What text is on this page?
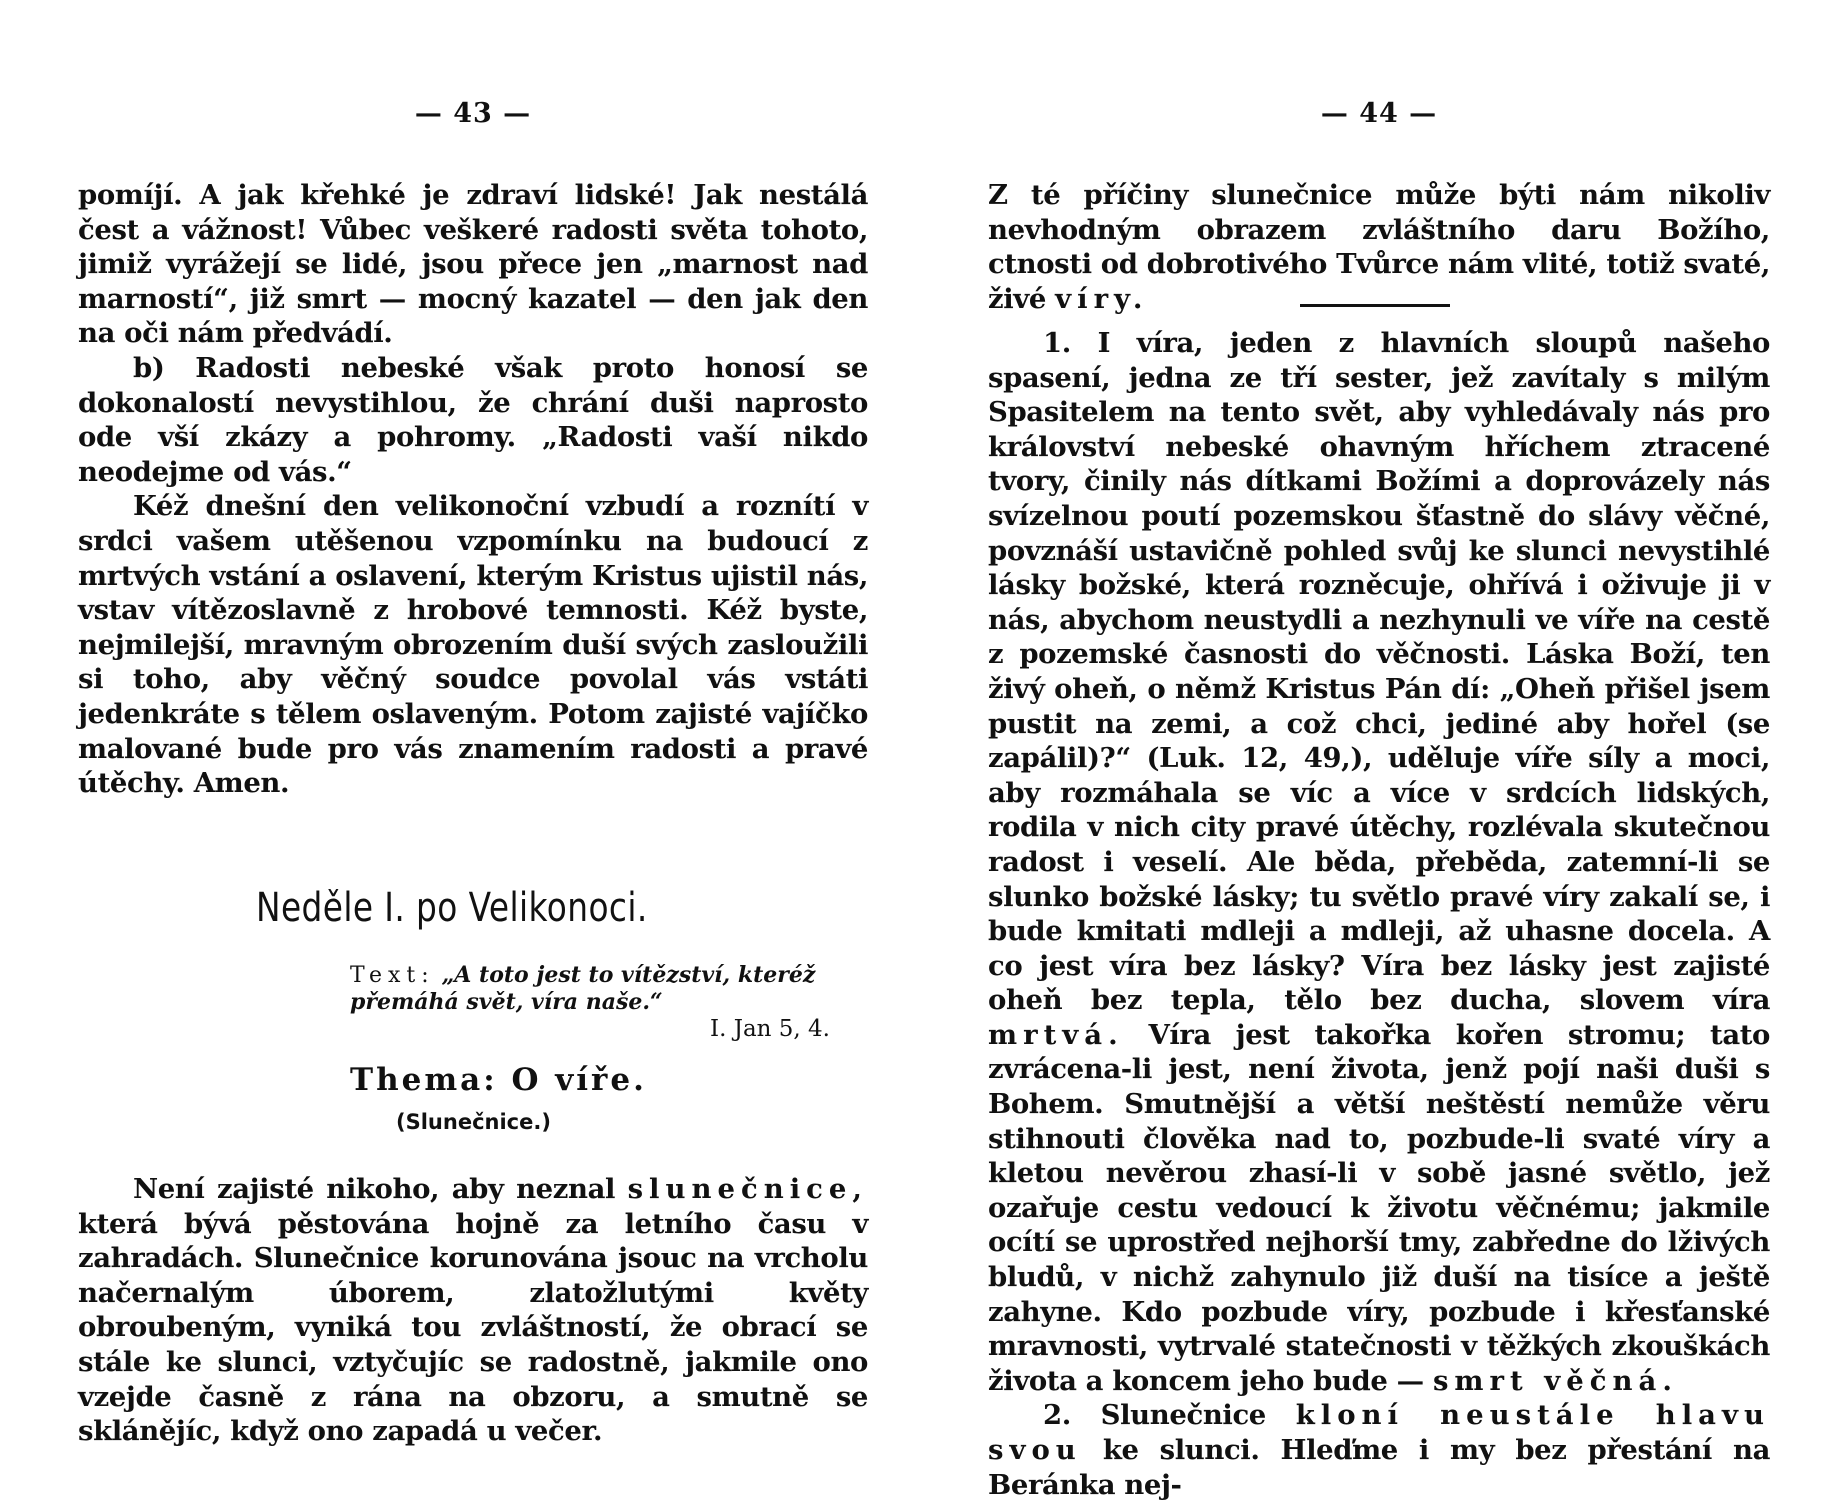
— 43 —

pomíjí. A jak křehké je zdraví lidské! Jak nestálá čest a vážnost! Vůbec veškeré radosti světa tohoto, jimiž vyrážejí se lidé, jsou přece jen „marnost nad marností“, již smrt — mocný kazatel — den jak den na oči nám předvádí.

b) Radosti nebeské však proto honosí se dokonalostí nevystihlou, že chrání duši naprosto ode vší zkázy a pohromy. „Radosti vaší nikdo neodejme od vás.“

Kéž dnešní den velikonoční vzbudí a roznítí v srdci vašem utěšenou vzpomínku na budoucí z mrtvých vstání a oslavení, kterým Kristus ujistil nás, vstav vítězoslavně z hrobové temnosti. Kéž byste, nejmilejší, mravným obrozením duší svých zasloužili si toho, aby věčný soudce povolal vás vstáti jedenkráte s tělem oslaveným. Potom zajisté vajíčko malované bude pro vás znamením radosti a pravé útěchy. Amen.

Neděle I. po Velikonoci.
Text: „A toto jest to vítězství, kteréž přemáhá svět, víra naše.“
I. Jan 5, 4.
Thema: O víře.
(Slunečnice.)

Není zajisté nikoho, aby neznal slunečnice, která bývá pěstována hojně za letního času v zahradách. Slunečnice korunována jsouc na vrcholu načernalým úborem, zlatožlutými květy obroubeným, vyniká tou zvláštností, že obrací se stále ke slunci, vztyčujíc se radostně, jakmile ono vzejde časně z rána na obzoru, a smutně se sklánějíc, když ono zapadá u večer.

— 44 —

Z té příčiny slunečnice může býti nám nikoliv nevhodným obrazem zvláštního daru Božího, ctnosti od dobrotivého Tvůrce nám vlité, totiž svaté, živé víry.

1. I víra, jeden z hlavních sloupů našeho spasení, jedna ze tří sester, jež zavítaly s milým Spasitelem na tento svět, aby vyhledávaly nás pro království nebeské ohavným hříchem ztracené tvory, činily nás dítkami Božími a doprovázely nás svízelnou poutí pozemskou šťastně do slávy věčné, povznáší ustavičně pohled svůj ke slunci nevystihlé lásky božské, která rozněcuje, ohřívá i oživuje ji v nás, abychom neustydli a nezhynuli ve víře na cestě z pozemské časnosti do věčnosti. Láska Boží, ten živý oheň, o němž Kristus Pán dí: „Oheň přišel jsem pustit na zemi, a což chci, jediné aby hořel (se zapálil)?“ (Luk. 12, 49,), uděluje víře síly a moci, aby rozmáhala se víc a více v srdcích lidských, rodila v nich city pravé útěchy, rozlévala skutečnou radost i veselí. Ale běda, přeběda, zatemní-li se slunko božské lásky; tu světlo pravé víry zakalí se, i bude kmitati mdleji a mdleji, až uhasne docela. A co jest víra bez lásky? Víra bez lásky jest zajisté oheň bez tepla, tělo bez ducha, slovem víra mrtvá. Víra jest takořka kořen stromu; tato zvrácena-li jest, není života, jenž pojí naši duši s Bohem. Smutnější a větší neštěstí nemůže věru stihnouti člověka nad to, pozbude-li svaté víry a kletou nevěrou zhasí-li v sobě jasné světlo, jež ozařuje cestu vedoucí k životu věčnému; jakmile ocítí se uprostřed nejhorší tmy, zabředne do lživých bludů, v nichž zahynulo již duší na tisíce a ještě zahyne. Kdo pozbude víry, pozbude i křesťanské mravnosti, vytrvalé statečnosti v těžkých zkouškách života a koncem jeho bude — smrt věčná.

2. Slunečnice kloní neustále hlavu svou ke slunci. Hleďme i my bez přestání na Beránka nej-
